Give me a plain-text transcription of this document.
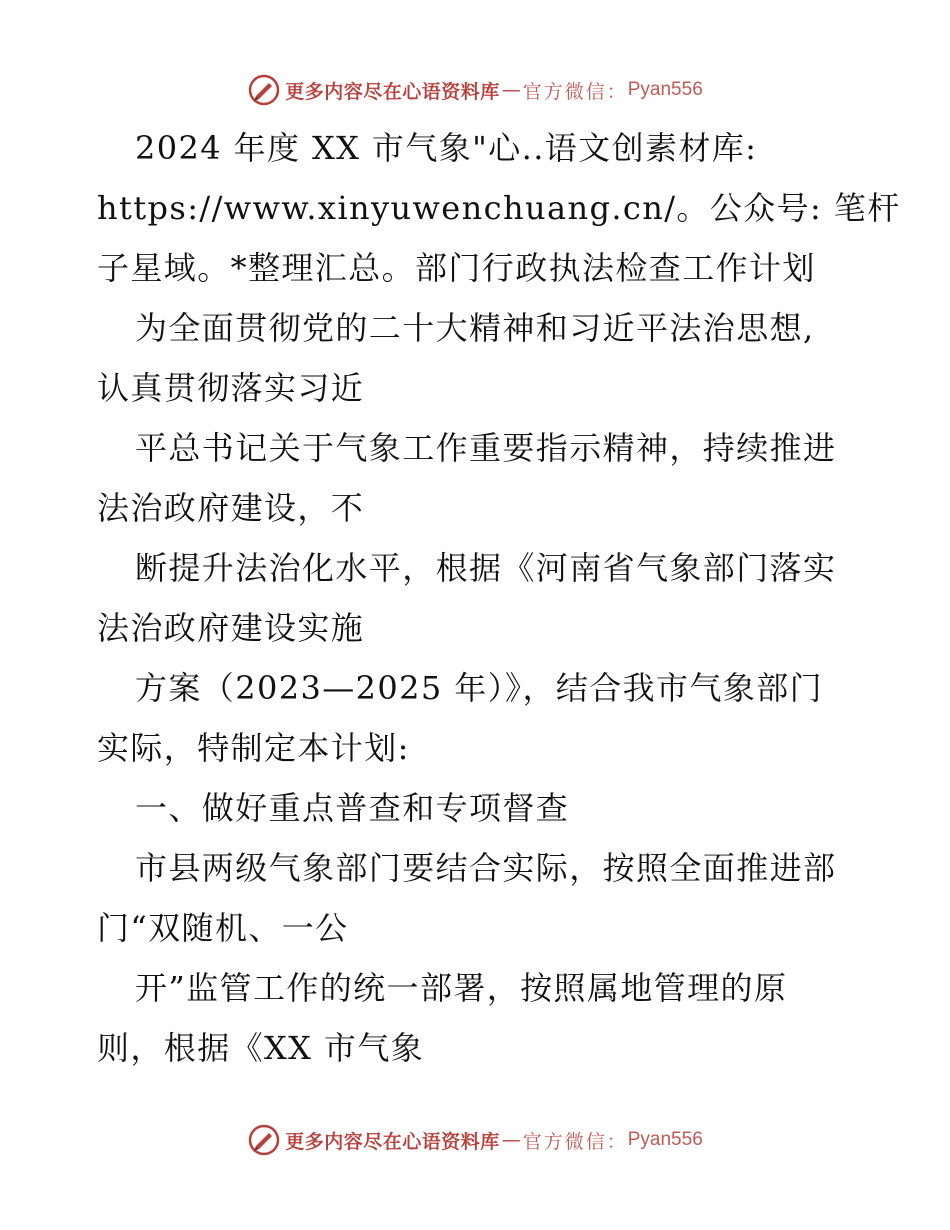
更多内容尽在心语资料库 — 官方微信： Pyan556
2024 年度 XX 市气象"心..语文创素材库:
https://www.xinyuwenchuang.cn/。公众号: 笔杆
子星域。*整理汇总。部门行政执法检查工作计划
为全面贯彻党的二十大精神和习近平法治思想,
认真贯彻落实习近
平总书记关于气象工作重要指示精神，持续推进
法治政府建设，不
断提升法治化水平，根据《河南省气象部门落实
法治政府建设实施
方案（2023—2025 年）》，结合我市气象部门
实际，特制定本计划:
一、做好重点普查和专项督查
市县两级气象部门要结合实际，按照全面推进部
门“双随机、一公
开”监管工作的统一部署，按照属地管理的原
则，根据《XX 市气象
更多内容尽在心语资料库 — 官方微信： Pyan556
